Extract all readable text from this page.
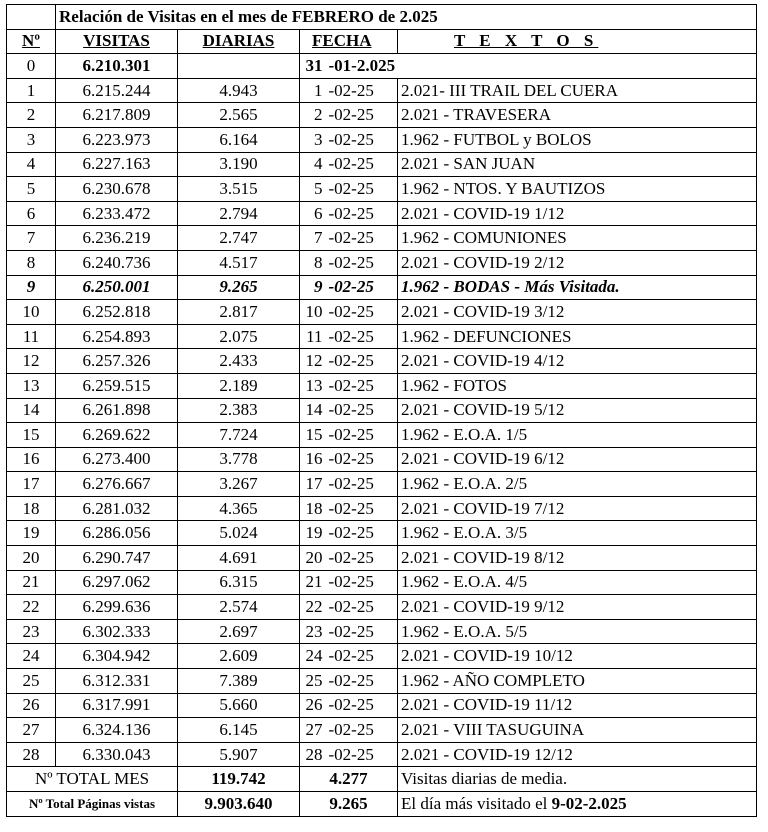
	Relación de Visitas en el mes de FEBRERO de 2.025				
Nº	VISITAS	DIARIAS	FECHA		T E X T O S
0	6.210.301		31	-01-2.025	
1	6.215.244	4.943	1	-02-25	2.021- III TRAIL DEL CUERA
2	6.217.809	2.565	2	-02-25	2.021 - TRAVESERA
3	6.223.973	6.164	3	-02-25	1.962 - FUTBOL y BOLOS
4	6.227.163	3.190	4	-02-25	2.021 - SAN JUAN
5	6.230.678	3.515	5	-02-25	1.962 - NTOS. Y BAUTIZOS
6	6.233.472	2.794	6	-02-25	2.021 - COVID-19 1/12
7	6.236.219	2.747	7	-02-25	1.962 - COMUNIONES
8	6.240.736	4.517	8	-02-25	2.021 - COVID-19 2/12
9	6.250.001	9.265	9	-02-25	1.962 - BODAS - Más Visitada.
10	6.252.818	2.817	10	-02-25	2.021 - COVID-19 3/12
11	6.254.893	2.075	11	-02-25	1.962 - DEFUNCIONES
12	6.257.326	2.433	12	-02-25	2.021 - COVID-19 4/12
13	6.259.515	2.189	13	-02-25	1.962 - FOTOS
14	6.261.898	2.383	14	-02-25	2.021 - COVID-19 5/12
15	6.269.622	7.724	15	-02-25	1.962 - E.O.A. 1/5
16	6.273.400	3.778	16	-02-25	2.021 - COVID-19 6/12
17	6.276.667	3.267	17	-02-25	1.962 - E.O.A. 2/5
18	6.281.032	4.365	18	-02-25	2.021 - COVID-19 7/12
19	6.286.056	5.024	19	-02-25	1.962 - E.O.A. 3/5
20	6.290.747	4.691	20	-02-25	2.021 - COVID-19 8/12
21	6.297.062	6.315	21	-02-25	1.962 - E.O.A. 4/5
22	6.299.636	2.574	22	-02-25	2.021 - COVID-19 9/12
23	6.302.333	2.697	23	-02-25	1.962 - E.O.A. 5/5
24	6.304.942	2.609	24	-02-25	2.021 - COVID-19 10/12
25	6.312.331	7.389	25	-02-25	1.962 - AÑO COMPLETO
26	6.317.991	5.660	26	-02-25	2.021 - COVID-19 11/12
27	6.324.136	6.145	27	-02-25	2.021 - VIII TASUGUINA
28	6.330.043	5.907	28	-02-25	2.021 - COVID-19 12/12
Nº TOTAL MES		119.742	4.277		Visitas diarias de media.
Nº Total Páginas vistas		9.903.640	9.265		El día más visitado el 9-02-2.025
